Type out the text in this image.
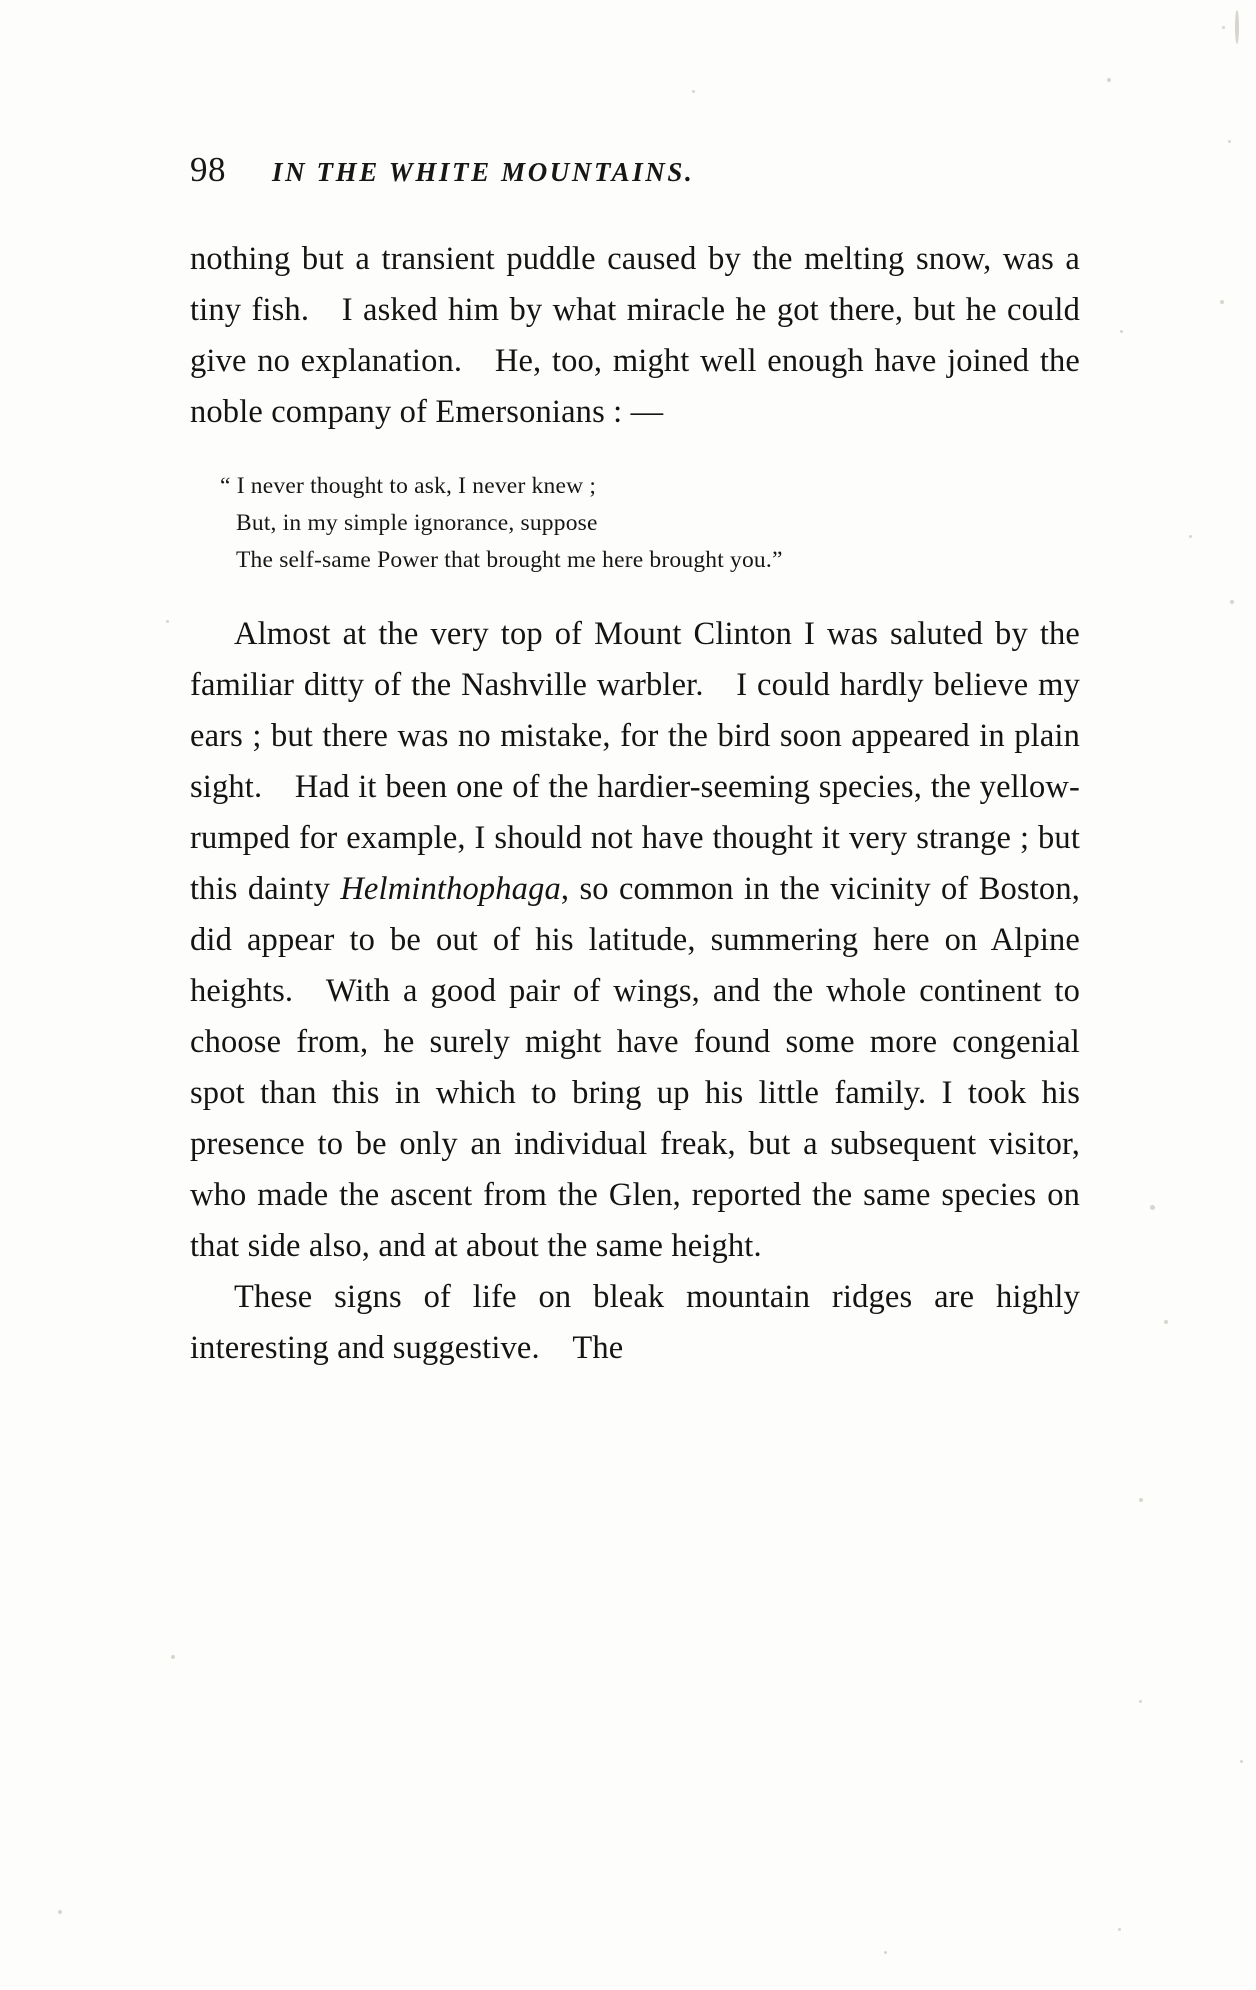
98 IN THE WHITE MOUNTAINS.

nothing but a transient puddle caused by the melting snow, was a tiny fish. I asked him by what miracle he got there, but he could give no explanation. He, too, might well enough have joined the noble company of Emersonians : —

“ I never thought to ask, I never knew ;
But, in my simple ignorance, suppose
The self-same Power that brought me here brought you.”

Almost at the very top of Mount Clinton I was saluted by the familiar ditty of the Nashville warbler. I could hardly believe my ears ; but there was no mistake, for the bird soon appeared in plain sight. Had it been one of the hardier-seeming species, the yellow-rumped for example, I should not have thought it very strange ; but this dainty Helminthophaga, so common in the vicinity of Boston, did appear to be out of his latitude, summering here on Alpine heights. With a good pair of wings, and the whole continent to choose from, he surely might have found some more congenial spot than this in which to bring up his little family. I took his presence to be only an individual freak, but a subsequent visitor, who made the ascent from the Glen, reported the same species on that side also, and at about the same height.

These signs of life on bleak mountain ridges are highly interesting and suggestive. The
